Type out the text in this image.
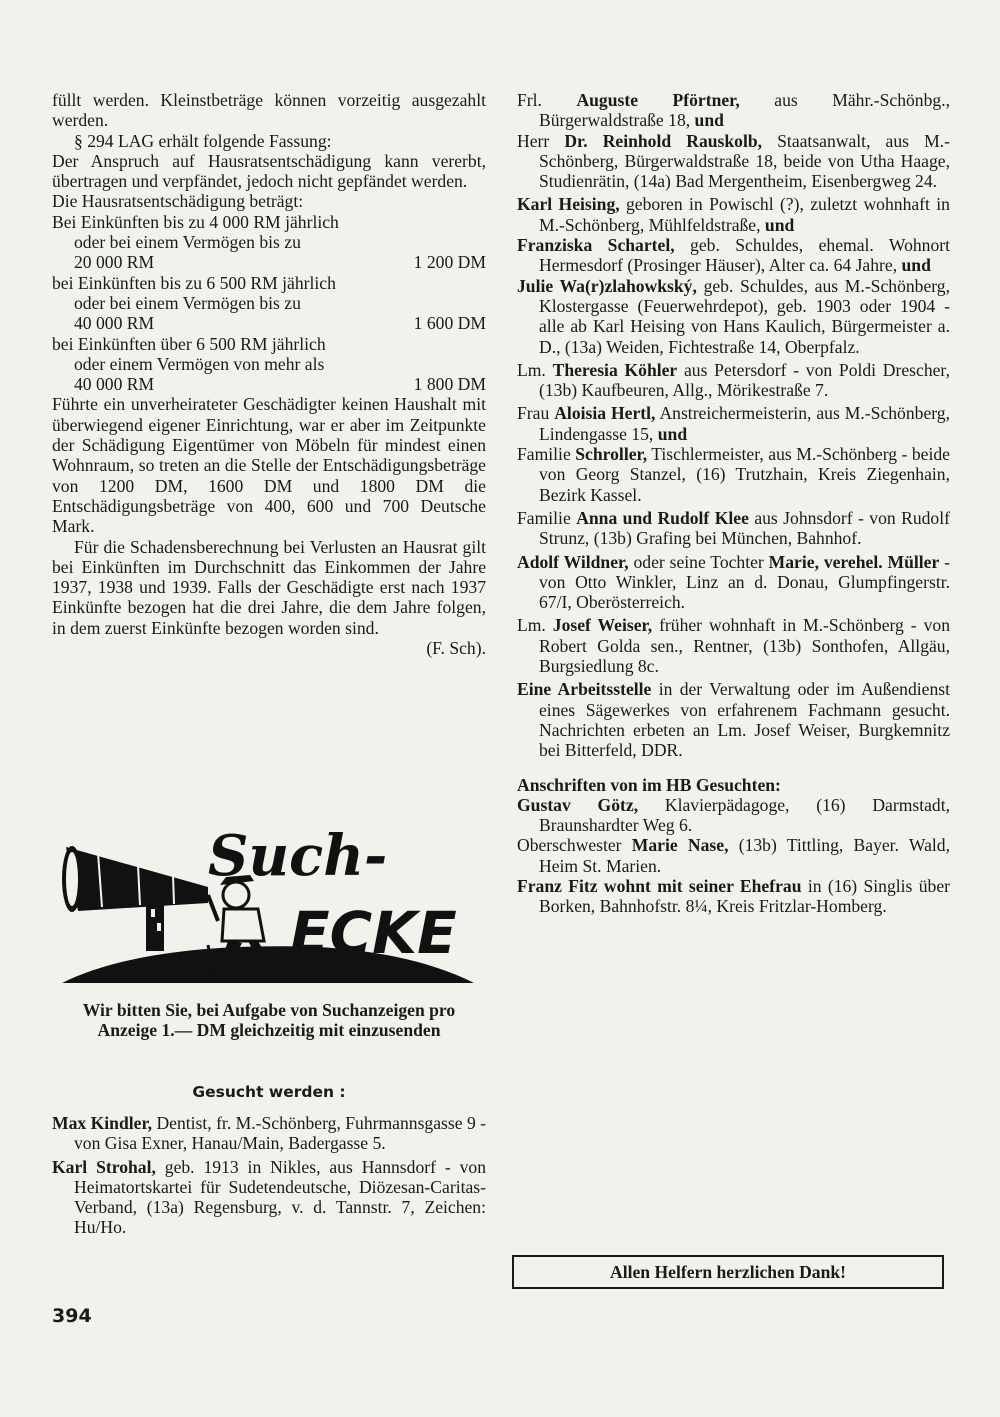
füllt werden. Kleinstbeträge können vorzeitig ausgezahlt werden.

§ 294 LAG erhält folgende Fassung:

Der Anspruch auf Hausratsentschädigung kann vererbt, übertragen und verpfändet, jedoch nicht gepfändet werden.

Die Hausratsentschädigung beträgt:

Bei Einkünften bis zu 4 000 RM jährlich

oder bei einem Vermögen bis zu

20 000 RM	1 200 DM

bei Einkünften bis zu 6 500 RM jährlich

oder bei einem Vermögen bis zu

40 000 RM	1 600 DM

bei Einkünften über 6 500 RM jährlich

oder einem Vermögen von mehr als

40 000 RM	1 800 DM

Führte ein unverheirateter Geschädigter keinen Haushalt mit überwiegend eigener Einrichtung, war er aber im Zeitpunkte der Schädigung Eigentümer von Möbeln für mindest einen Wohnraum, so treten an die Stelle der Entschädigungsbeträge von 1200 DM, 1600 DM und 1800 DM die Entschädigungsbeträge von 400, 600 und 700 Deutsche Mark.

Für die Schadensberechnung bei Verlusten an Hausrat gilt bei Einkünften im Durchschnitt das Einkommen der Jahre 1937, 1938 und 1939. Falls der Geschädigte erst nach 1937 Einkünfte bezogen hat die drei Jahre, die dem Jahre folgen, in dem zuerst Einkünfte bezogen worden sind.

(F. Sch).

Such-
ECKE
Wir bitten Sie, bei Aufgabe von Suchanzeigen pro Anzeige 1.— DM gleichzeitig mit einzusenden
Gesucht werden :

Max Kindler, Dentist, fr. M.-Schönberg, Fuhrmannsgasse 9 - von Gisa Exner, Hanau/Main, Badergasse 5.

Karl Strohal, geb. 1913 in Nikles, aus Hannsdorf - von Heimatortskartei für Sudetendeutsche, Diözesan-Caritas-Verband, (13a) Regensburg, v. d. Tannstr. 7, Zeichen: Hu/Ho.

394

Frl. Auguste Pförtner, aus Mähr.-Schönbg., Bürgerwaldstraße 18, und

Herr Dr. Reinhold Rauskolb, Staatsanwalt, aus M.-Schönberg, Bürgerwaldstraße 18, beide von Utha Haage, Studienrätin, (14a) Bad Mergentheim, Eisenbergweg 24.

Karl Heising, geboren in Powischl (?), zuletzt wohnhaft in M.-Schönberg, Mühlfeldstraße, und

Franziska Schartel, geb. Schuldes, ehemal. Wohnort Hermesdorf (Prosinger Häuser), Alter ca. 64 Jahre, und

Julie Wa(r)zlahowkský, geb. Schuldes, aus M.-Schönberg, Klostergasse (Feuerwehrdepot), geb. 1903 oder 1904 - alle ab Karl Heising von Hans Kaulich, Bürgermeister a. D., (13a) Weiden, Fichtestraße 14, Oberpfalz.

Lm. Theresia Köhler aus Petersdorf - von Poldi Drescher, (13b) Kaufbeuren, Allg., Mörikestraße 7.

Frau Aloisia Hertl, Anstreichermeisterin, aus M.-Schönberg, Lindengasse 15, und

Familie Schroller, Tischlermeister, aus M.-Schönberg - beide von Georg Stanzel, (16) Trutzhain, Kreis Ziegenhain, Bezirk Kassel.

Familie Anna und Rudolf Klee aus Johnsdorf - von Rudolf Strunz, (13b) Grafing bei München, Bahnhof.

Adolf Wildner, oder seine Tochter Marie, verehel. Müller - von Otto Winkler, Linz an d. Donau, Glumpfingerstr. 67/I, Oberösterreich.

Lm. Josef Weiser, früher wohnhaft in M.-Schönberg - von Robert Golda sen., Rentner, (13b) Sonthofen, Allgäu, Burgsiedlung 8c.

Eine Arbeitsstelle in der Verwaltung oder im Außendienst eines Sägewerkes von erfahrenem Fachmann gesucht. Nachrichten erbeten an Lm. Josef Weiser, Burgkemnitz bei Bitterfeld, DDR.

Anschriften von im HB Gesuchten:

Gustav Götz, Klavierpädagoge, (16) Darmstadt, Braunshardter Weg 6.

Oberschwester Marie Nase, (13b) Tittling, Bayer. Wald, Heim St. Marien.

Franz Fitz wohnt mit seiner Ehefrau in (16) Singlis über Borken, Bahnhofstr. 8¼, Kreis Fritzlar-Homberg.

Allen Helfern herzlichen Dank!
